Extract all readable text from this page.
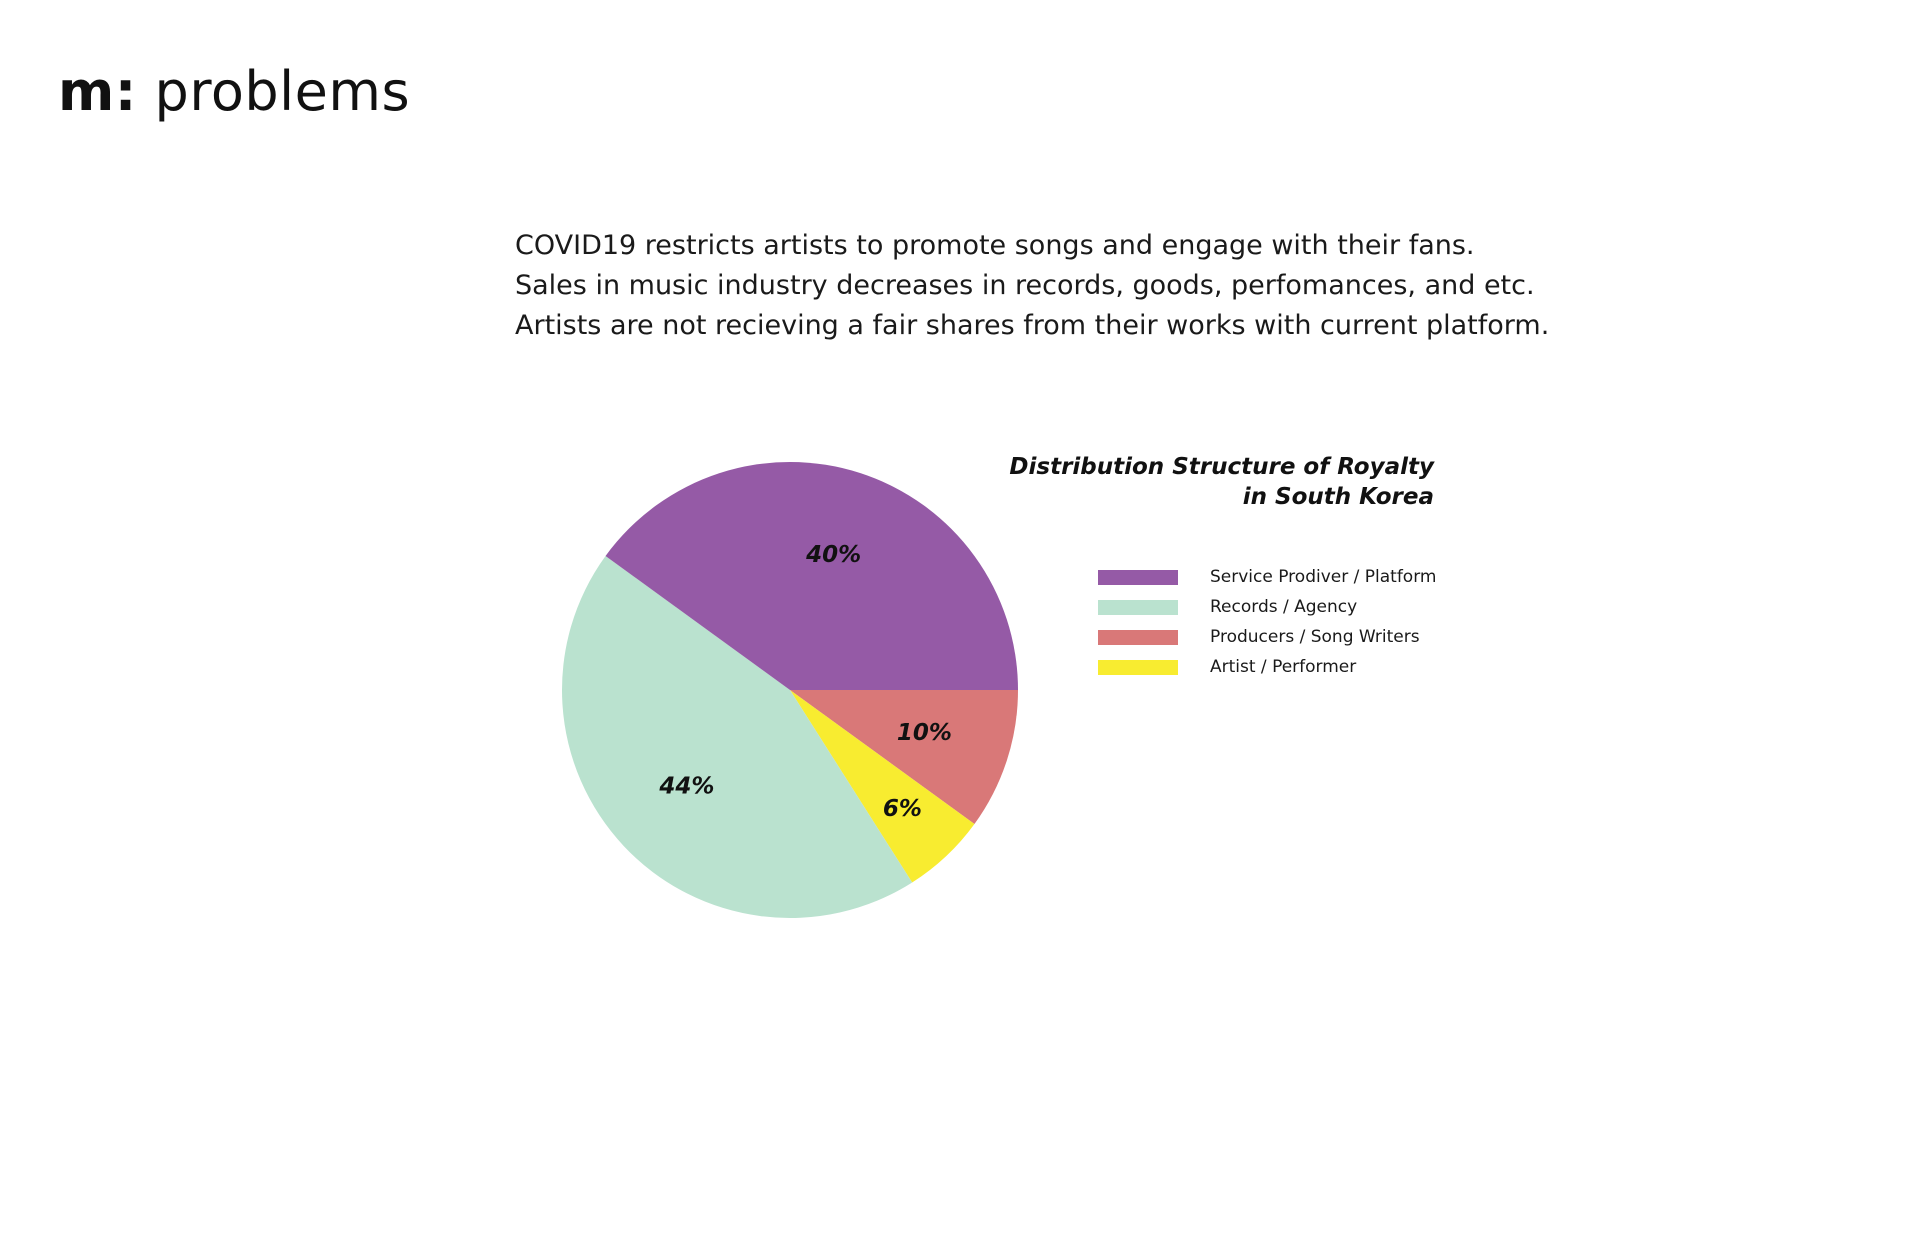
m: problems
COVID19 restricts artists to promote songs and engage with their fans.
Sales in music industry decreases in records, goods, perfomances, and etc.
Artists are not recieving a fair shares from their works with current platform.
10%
6%
44%
40%
Distribution Structure of Royalty
in South Korea
Service Prodiver / Platform
Records / Agency
Producers / Song Writers
Artist / Performer
